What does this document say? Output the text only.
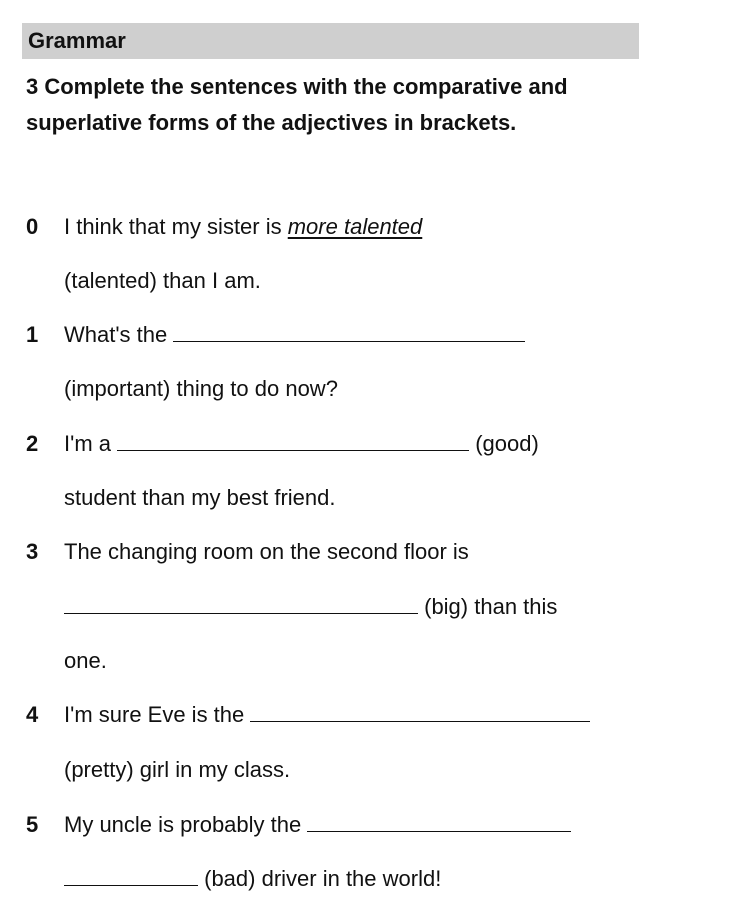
Grammar
3 Complete the sentences with the comparative and superlative forms of the adjectives in brackets.
0 I think that my sister is more talented
(talented) than I am.
1 What's the
(important) thing to do now?
2 I'm a	(good)
student than my best friend.
3 The changing room on the second floor is
(big) than this
one.
4 I'm sure Eve is the
(pretty) girl in my class.
5 My uncle is probably the
(bad) driver in the world!
